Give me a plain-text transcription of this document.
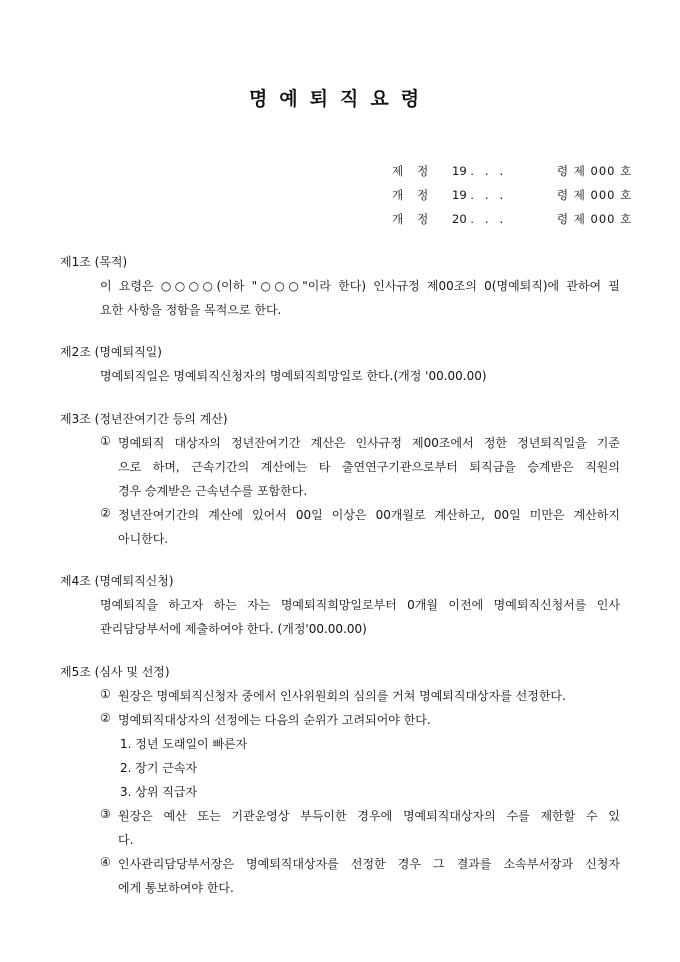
명예퇴직요령
제정 19 .   .   .	령 제 000 호
개정 19 .   .   .	령 제 000 호
개정 20 .   .   .	령 제 000 호
제1조 (목적)
이 요령은 ○○○○(이하 "○○○"이라 한다) 인사규정 제00조의 0(명예퇴직)에 관하여 필
요한 사항을 정함을 목적으로 한다.
제2조 (명예퇴직일)
명예퇴직일은 명예퇴직신청자의 명예퇴직희망일로 한다.(개정 '00.00.00)
제3조 (정년잔여기간 등의 계산)
① 명예퇴직 대상자의 정년잔여기간 계산은 인사규정 제00조에서 정한 정년퇴직일을 기준
으로 하며, 근속기간의 계산에는 타 출연연구기관으로부터 퇴직금을 승계받은 직원의
경우 승계받은 근속년수를 포함한다.
② 정년잔여기간의 계산에 있어서 00일 이상은 00개월로 계산하고, 00일 미만은 계산하지
아니한다.
제4조 (명예퇴직신청)
명예퇴직을 하고자 하는 자는 명예퇴직희망일로부터 0개월 이전에 명예퇴직신청서를 인사
관리담당부서에 제출하여야 한다. (개정'00.00.00)
제5조 (심사 및 선정)
① 원장은 명예퇴직신청자 중에서 인사위원회의 심의를 거쳐 명예퇴직대상자를 선정한다.
② 명예퇴직대상자의 선정에는 다음의 순위가 고려되어야 한다.
1. 정년 도래일이 빠른자
2. 장기 근속자
3. 상위 직급자
③ 원장은 예산 또는 기관운영상 부득이한 경우에 명예퇴직대상자의 수를 제한할 수 있
다.
④ 인사관리담당부서장은 명예퇴직대상자를 선정한 경우 그 결과를 소속부서장과 신청자
에게 통보하여야 한다.
